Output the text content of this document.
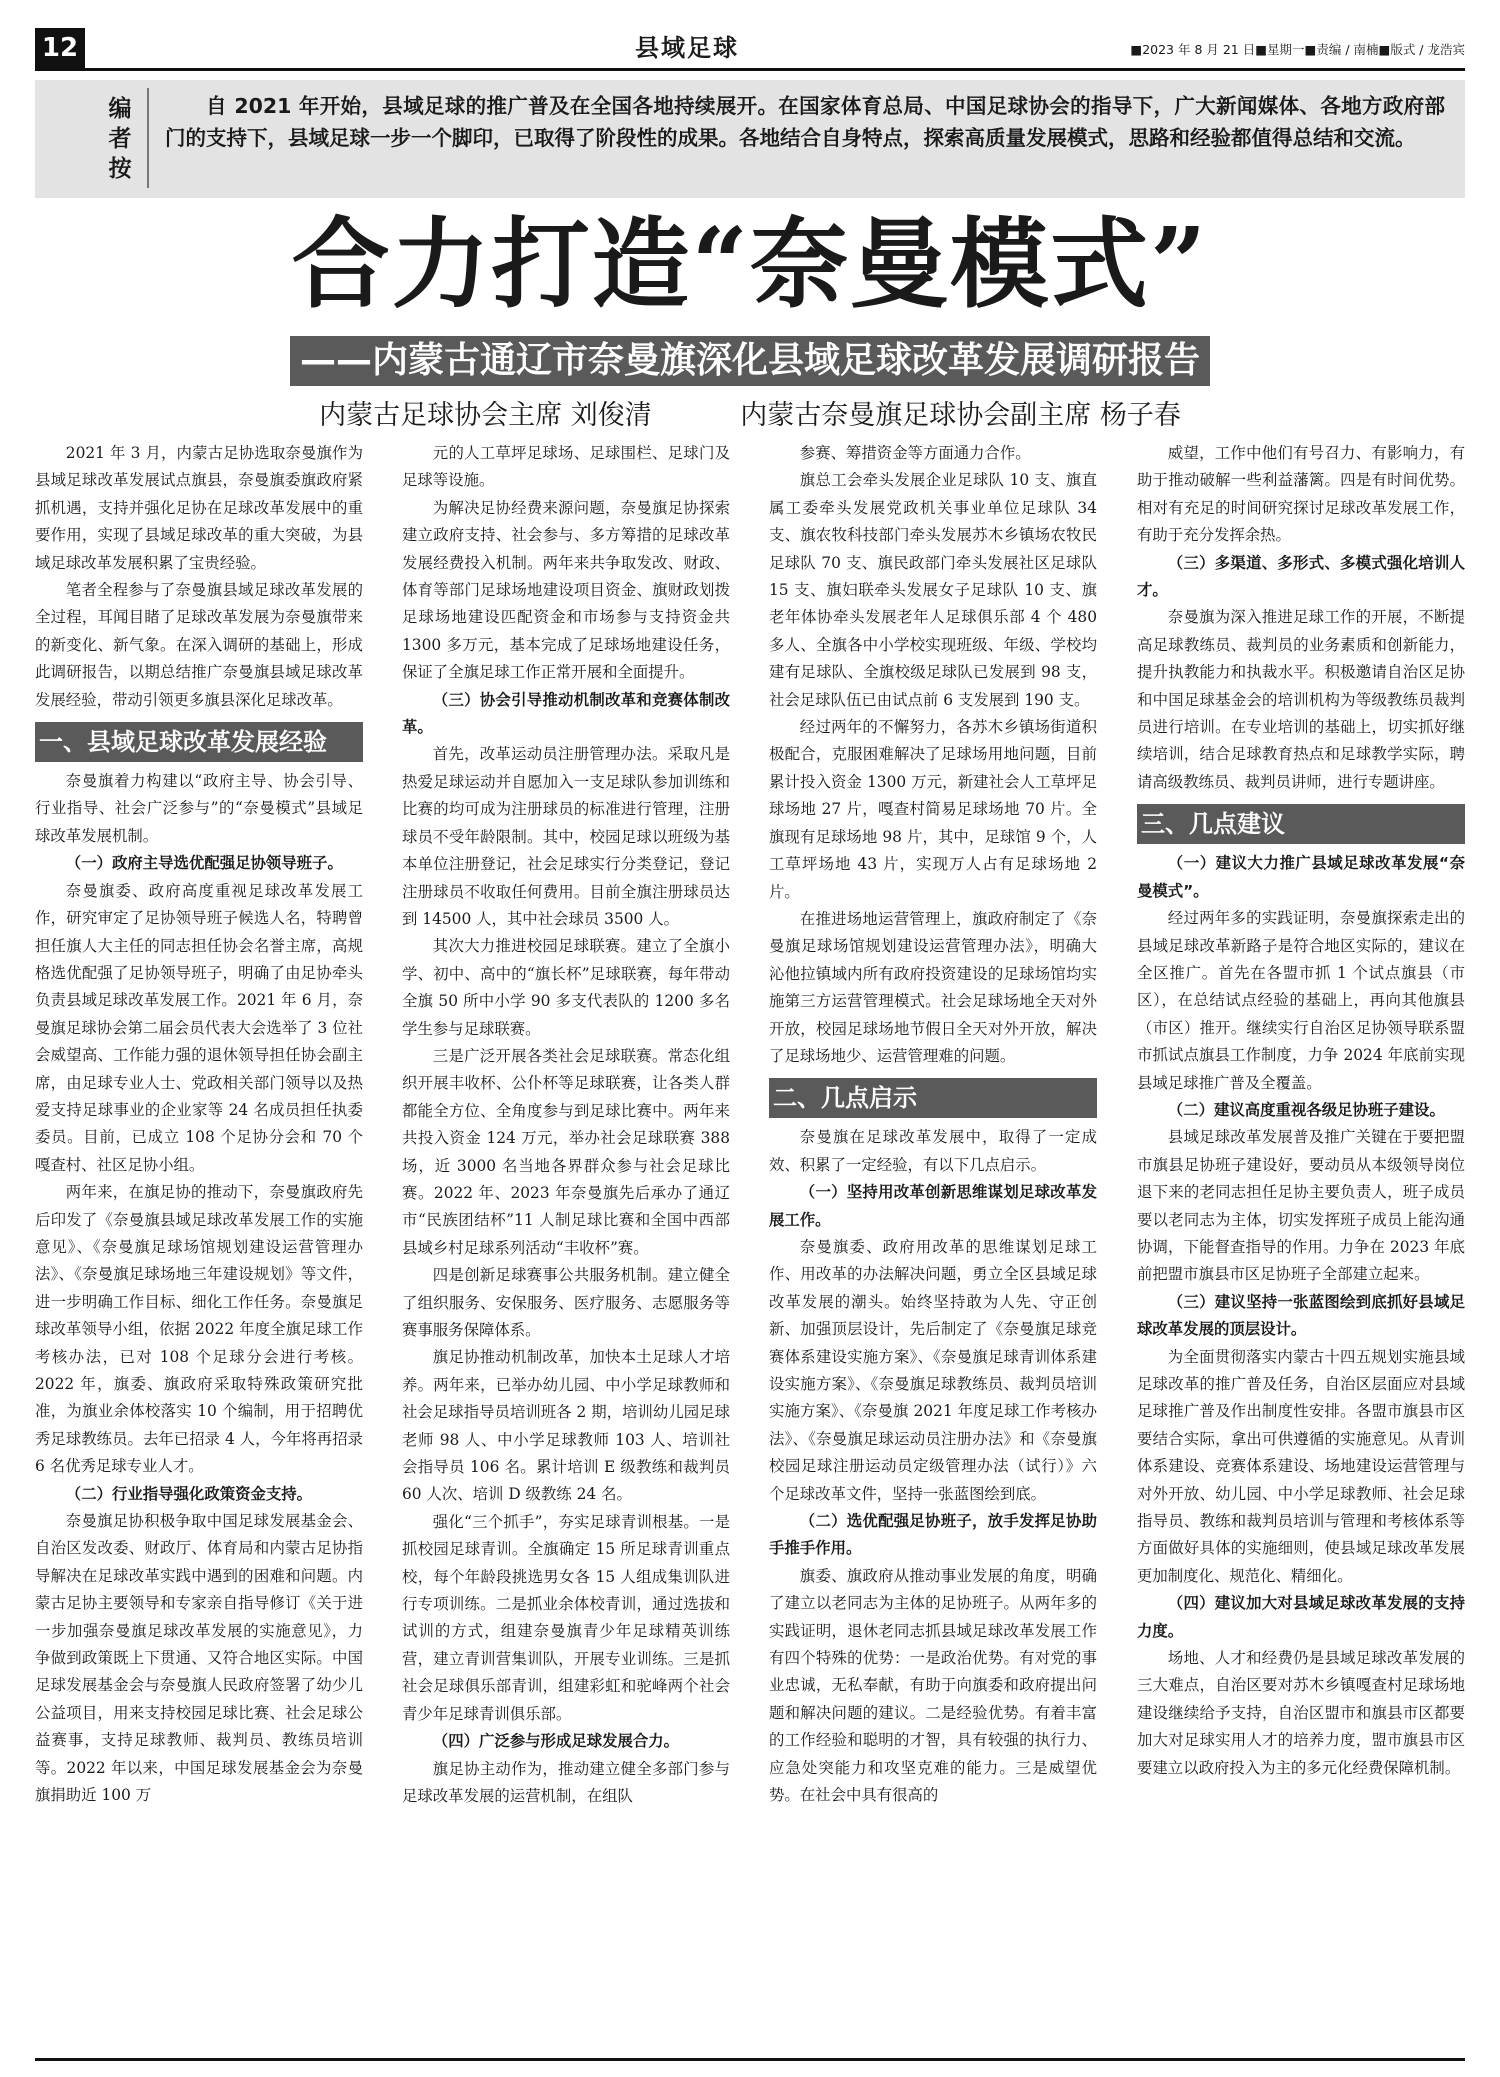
12	县域足球	■2023 年 8 月 21 日■星期一■责编 / 南楠■版式 / 龙浩宾
编
者
按
自 2021 年开始，县域足球的推广普及在全国各地持续展开。在国家体育总局、中国足球协会的指导下，广大新闻媒体、各地方政府部门的支持下，县域足球一步一个脚印，已取得了阶段性的成果。各地结合自身特点，探索高质量发展模式，思路和经验都值得总结和交流。
合力打造“奈曼模式”
——内蒙古通辽市奈曼旗深化县域足球改革发展调研报告
内蒙古足球协会主席 刘俊清	内蒙古奈曼旗足球协会副主席 杨子春

2021 年 3 月，内蒙古足协选取奈曼旗作为县域足球改革发展试点旗县，奈曼旗委旗政府紧抓机遇，支持并强化足协在足球改革发展中的重要作用，实现了县域足球改革的重大突破，为县域足球改革发展积累了宝贵经验。

笔者全程参与了奈曼旗县域足球改革发展的全过程，耳闻目睹了足球改革发展为奈曼旗带来的新变化、新气象。在深入调研的基础上，形成此调研报告，以期总结推广奈曼旗县域足球改革发展经验，带动引领更多旗县深化足球改革。

一、县域足球改革发展经验

奈曼旗着力构建以“政府主导、协会引导、行业指导、社会广泛参与”的“奈曼模式”县域足球改革发展机制。

（一）政府主导选优配强足协领导班子。

奈曼旗委、政府高度重视足球改革发展工作，研究审定了足协领导班子候选人名，特聘曾担任旗人大主任的同志担任协会名誉主席，高规格选优配强了足协领导班子，明确了由足协牵头负责县域足球改革发展工作。2021 年 6 月，奈曼旗足球协会第二届会员代表大会选举了 3 位社会威望高、工作能力强的退休领导担任协会副主席，由足球专业人士、党政相关部门领导以及热爱支持足球事业的企业家等 24 名成员担任执委委员。目前，已成立 108 个足协分会和 70 个嘎查村、社区足协小组。

两年来，在旗足协的推动下，奈曼旗政府先后印发了《奈曼旗县域足球改革发展工作的实施意见》、《奈曼旗足球场馆规划建设运营管理办法》、《奈曼旗足球场地三年建设规划》等文件，进一步明确工作目标、细化工作任务。奈曼旗足球改革领导小组，依据 2022 年度全旗足球工作考核办法，已对 108 个足球分会进行考核。2022 年，旗委、旗政府采取特殊政策研究批准，为旗业余体校落实 10 个编制，用于招聘优秀足球教练员。去年已招录 4 人，今年将再招录 6 名优秀足球专业人才。

（二）行业指导强化政策资金支持。

奈曼旗足协积极争取中国足球发展基金会、自治区发改委、财政厅、体育局和内蒙古足协指导解决在足球改革实践中遇到的困难和问题。内蒙古足协主要领导和专家亲自指导修订《关于进一步加强奈曼旗足球改革发展的实施意见》，力争做到政策既上下贯通、又符合地区实际。中国足球发展基金会与奈曼旗人民政府签署了幼少儿公益项目，用来支持校园足球比赛、社会足球公益赛事，支持足球教师、裁判员、教练员培训等。2022 年以来，中国足球发展基金会为奈曼旗捐助近 100 万

元的人工草坪足球场、足球围栏、足球门及足球等设施。

为解决足协经费来源问题，奈曼旗足协探索建立政府支持、社会参与、多方筹措的足球改革发展经费投入机制。两年来共争取发改、财政、体育等部门足球场地建设项目资金、旗财政划拨足球场地建设匹配资金和市场参与支持资金共 1300 多万元，基本完成了足球场地建设任务，保证了全旗足球工作正常开展和全面提升。

（三）协会引导推动机制改革和竞赛体制改革。

首先，改革运动员注册管理办法。采取凡是热爱足球运动并自愿加入一支足球队参加训练和比赛的均可成为注册球员的标准进行管理，注册球员不受年龄限制。其中，校园足球以班级为基本单位注册登记，社会足球实行分类登记，登记注册球员不收取任何费用。目前全旗注册球员达到 14500 人，其中社会球员 3500 人。

其次大力推进校园足球联赛。建立了全旗小学、初中、高中的“旗长杯”足球联赛，每年带动全旗 50 所中小学 90 多支代表队的 1200 多名学生参与足球联赛。

三是广泛开展各类社会足球联赛。常态化组织开展丰收杯、公仆杯等足球联赛，让各类人群都能全方位、全角度参与到足球比赛中。两年来共投入资金 124 万元，举办社会足球联赛 388 场，近 3000 名当地各界群众参与社会足球比赛。2022 年、2023 年奈曼旗先后承办了通辽市“民族团结杯”11 人制足球比赛和全国中西部县域乡村足球系列活动“丰收杯”赛。

四是创新足球赛事公共服务机制。建立健全了组织服务、安保服务、医疗服务、志愿服务等赛事服务保障体系。

旗足协推动机制改革，加快本土足球人才培养。两年来，已举办幼儿园、中小学足球教师和社会足球指导员培训班各 2 期，培训幼儿园足球老师 98 人、中小学足球教师 103 人、培训社会指导员 106 名。累计培训 E 级教练和裁判员 60 人次、培训 D 级教练 24 名。

强化“三个抓手”，夯实足球青训根基。一是抓校园足球青训。全旗确定 15 所足球青训重点校，每个年龄段挑选男女各 15 人组成集训队进行专项训练。二是抓业余体校青训，通过选拔和试训的方式，组建奈曼旗青少年足球精英训练营，建立青训营集训队，开展专业训练。三是抓社会足球俱乐部青训，组建彩虹和驼峰两个社会青少年足球青训俱乐部。

（四）广泛参与形成足球发展合力。

旗足协主动作为，推动建立健全多部门参与足球改革发展的运营机制，在组队

参赛、筹措资金等方面通力合作。

旗总工会牵头发展企业足球队 10 支、旗直属工委牵头发展党政机关事业单位足球队 34 支、旗农牧科技部门牵头发展苏木乡镇场农牧民足球队 70 支、旗民政部门牵头发展社区足球队 15 支、旗妇联牵头发展女子足球队 10 支、旗老年体协牵头发展老年人足球俱乐部 4 个 480 多人、全旗各中小学校实现班级、年级、学校均建有足球队、全旗校级足球队已发展到 98 支，社会足球队伍已由试点前 6 支发展到 190 支。

经过两年的不懈努力，各苏木乡镇场街道积极配合，克服困难解决了足球场用地问题，目前累计投入资金 1300 万元，新建社会人工草坪足球场地 27 片，嘎查村简易足球场地 70 片。全旗现有足球场地 98 片，其中，足球馆 9 个，人工草坪场地 43 片，实现万人占有足球场地 2 片。

在推进场地运营管理上，旗政府制定了《奈曼旗足球场馆规划建设运营管理办法》，明确大沁他拉镇域内所有政府投资建设的足球场馆均实施第三方运营管理模式。社会足球场地全天对外开放，校园足球场地节假日全天对外开放，解决了足球场地少、运营管理难的问题。

二、几点启示

奈曼旗在足球改革发展中，取得了一定成效、积累了一定经验，有以下几点启示。

（一）坚持用改革创新思维谋划足球改革发展工作。

奈曼旗委、政府用改革的思维谋划足球工作、用改革的办法解决问题，勇立全区县域足球改革发展的潮头。始终坚持敢为人先、守正创新、加强顶层设计，先后制定了《奈曼旗足球竞赛体系建设实施方案》、《奈曼旗足球青训体系建设实施方案》、《奈曼旗足球教练员、裁判员培训实施方案》、《奈曼旗 2021 年度足球工作考核办法》、《奈曼旗足球运动员注册办法》和《奈曼旗校园足球注册运动员定级管理办法（试行）》六个足球改革文件，坚持一张蓝图绘到底。

（二）选优配强足协班子，放手发挥足协助手推手作用。

旗委、旗政府从推动事业发展的角度，明确了建立以老同志为主体的足协班子。从两年多的实践证明，退休老同志抓县域足球改革发展工作有四个特殊的优势：一是政治优势。有对党的事业忠诚，无私奉献，有助于向旗委和政府提出问题和解决问题的建议。二是经验优势。有着丰富的工作经验和聪明的才智，具有较强的执行力、应急处突能力和攻坚克难的能力。三是威望优势。在社会中具有很高的

威望，工作中他们有号召力、有影响力，有助于推动破解一些利益藩篱。四是有时间优势。相对有充足的时间研究探讨足球改革发展工作，有助于充分发挥余热。

（三）多渠道、多形式、多模式强化培训人才。

奈曼旗为深入推进足球工作的开展，不断提高足球教练员、裁判员的业务素质和创新能力，提升执教能力和执裁水平。积极邀请自治区足协和中国足球基金会的培训机构为等级教练员裁判员进行培训。在专业培训的基础上，切实抓好继续培训，结合足球教育热点和足球教学实际，聘请高级教练员、裁判员讲师，进行专题讲座。

三、几点建议

（一）建议大力推广县域足球改革发展“奈曼模式”。

经过两年多的实践证明，奈曼旗探索走出的县域足球改革新路子是符合地区实际的，建议在全区推广。首先在各盟市抓 1 个试点旗县（市区），在总结试点经验的基础上，再向其他旗县（市区）推开。继续实行自治区足协领导联系盟市抓试点旗县工作制度，力争 2024 年底前实现县域足球推广普及全覆盖。

（二）建议高度重视各级足协班子建设。

县域足球改革发展普及推广关键在于要把盟市旗县足协班子建设好，要动员从本级领导岗位退下来的老同志担任足协主要负责人，班子成员要以老同志为主体，切实发挥班子成员上能沟通协调，下能督查指导的作用。力争在 2023 年底前把盟市旗县市区足协班子全部建立起来。

（三）建议坚持一张蓝图绘到底抓好县域足球改革发展的顶层设计。

为全面贯彻落实内蒙古十四五规划实施县域足球改革的推广普及任务，自治区层面应对县域足球推广普及作出制度性安排。各盟市旗县市区要结合实际，拿出可供遵循的实施意见。从青训体系建设、竞赛体系建设、场地建设运营管理与对外开放、幼儿园、中小学足球教师、社会足球指导员、教练和裁判员培训与管理和考核体系等方面做好具体的实施细则，使县域足球改革发展更加制度化、规范化、精细化。

（四）建议加大对县域足球改革发展的支持力度。

场地、人才和经费仍是县域足球改革发展的三大难点，自治区要对苏木乡镇嘎查村足球场地建设继续给予支持，自治区盟市和旗县市区都要加大对足球实用人才的培养力度，盟市旗县市区要建立以政府投入为主的多元化经费保障机制。
